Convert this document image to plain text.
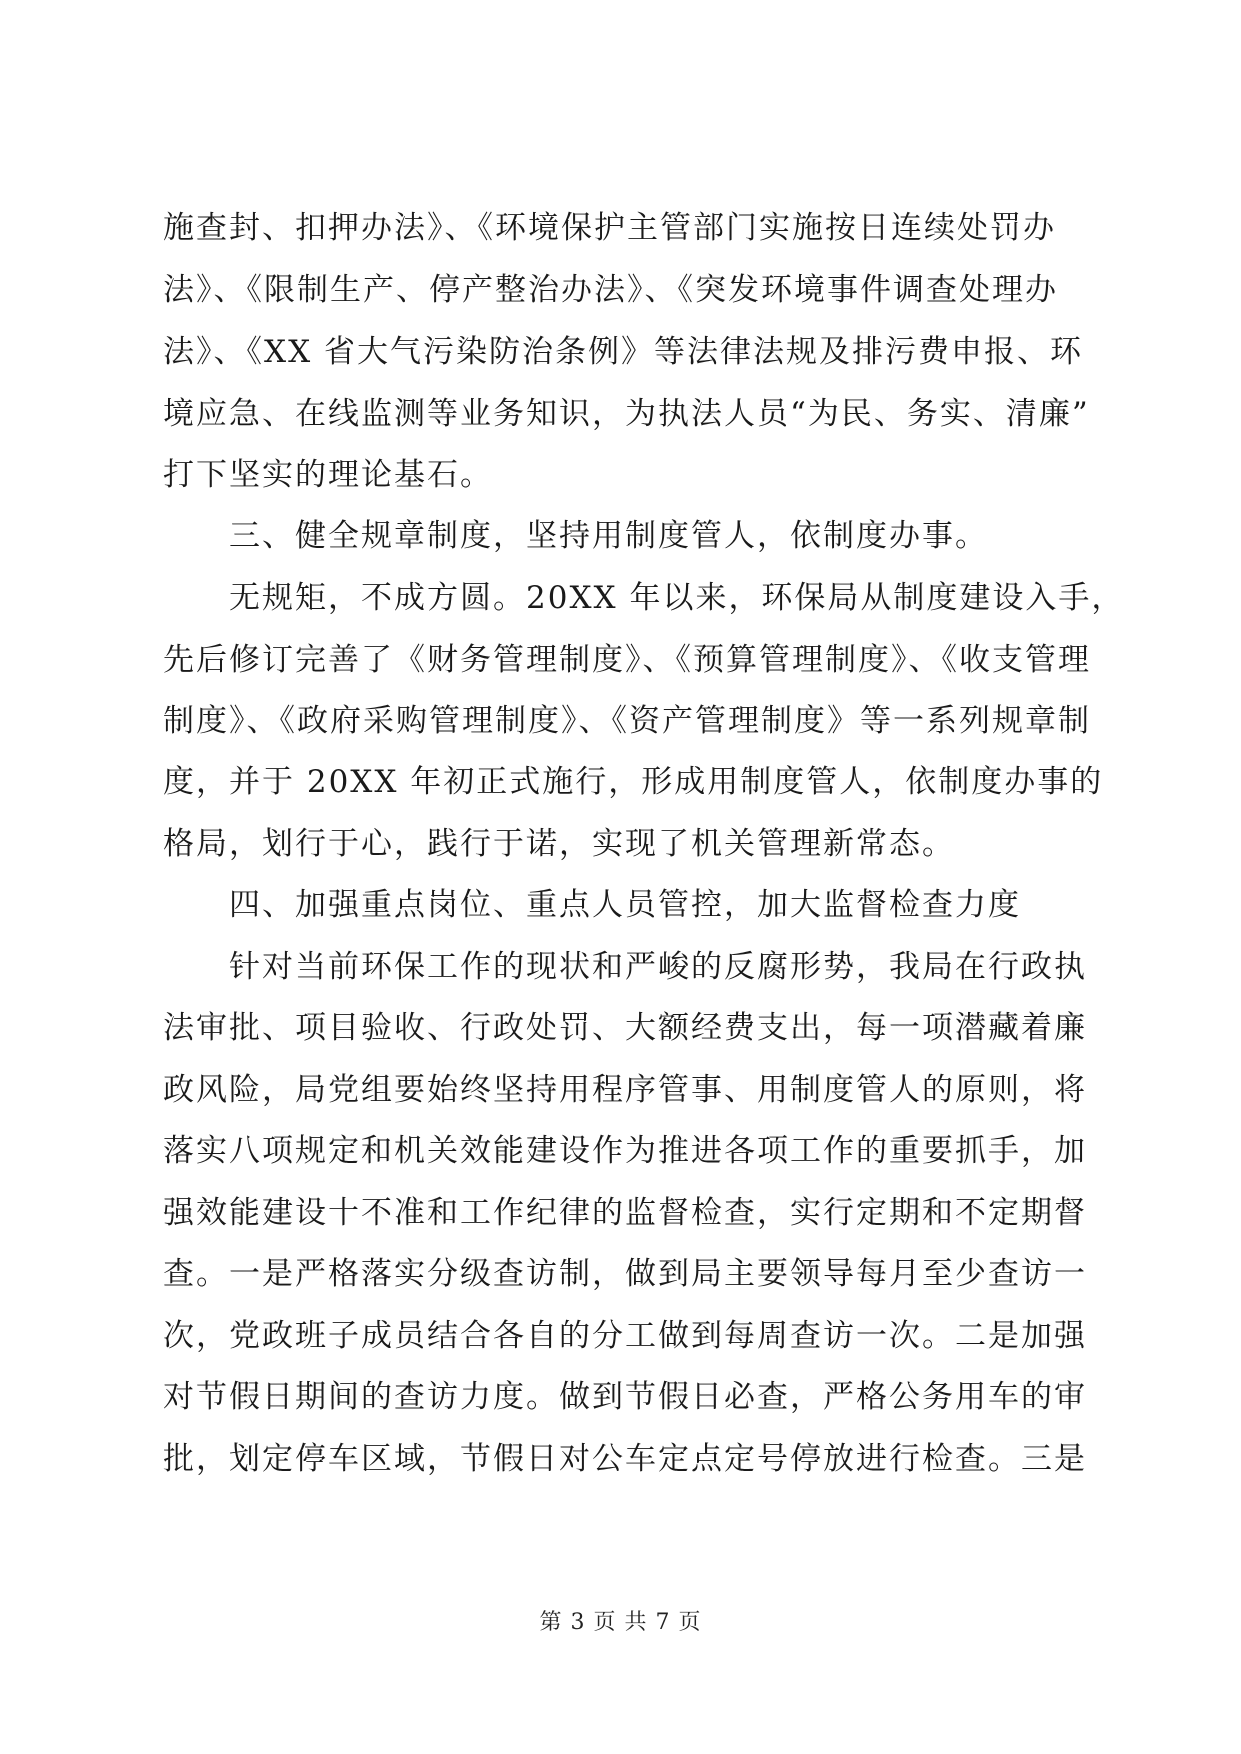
施查封、扣押办法》、《环境保护主管部门实施按日连续处罚办
法》、《限制生产、停产整治办法》、《突发环境事件调查处理办
法》、《XX 省大气污染防治条例》等法律法规及排污费申报、环
境应急、在线监测等业务知识，为执法人员“为民、务实、清廉”
打下坚实的理论基石。
　　三、健全规章制度，坚持用制度管人，依制度办事。
　　无规矩，不成方圆。20XX 年以来，环保局从制度建设入手，
先后修订完善了《财务管理制度》、《预算管理制度》、《收支管理
制度》、《政府采购管理制度》、《资产管理制度》等一系列规章制
度，并于 20XX 年初正式施行，形成用制度管人，依制度办事的
格局，划行于心，践行于诺，实现了机关管理新常态。
　　四、加强重点岗位、重点人员管控，加大监督检查力度
　　针对当前环保工作的现状和严峻的反腐形势，我局在行政执
法审批、项目验收、行政处罚、大额经费支出，每一项潜藏着廉
政风险，局党组要始终坚持用程序管事、用制度管人的原则，将
落实八项规定和机关效能建设作为推进各项工作的重要抓手，加
强效能建设十不准和工作纪律的监督检查，实行定期和不定期督
查。一是严格落实分级查访制，做到局主要领导每月至少查访一
次，党政班子成员结合各自的分工做到每周查访一次。二是加强
对节假日期间的查访力度。做到节假日必查，严格公务用车的审
批，划定停车区域，节假日对公车定点定号停放进行检查。三是
第 3 页 共 7 页
